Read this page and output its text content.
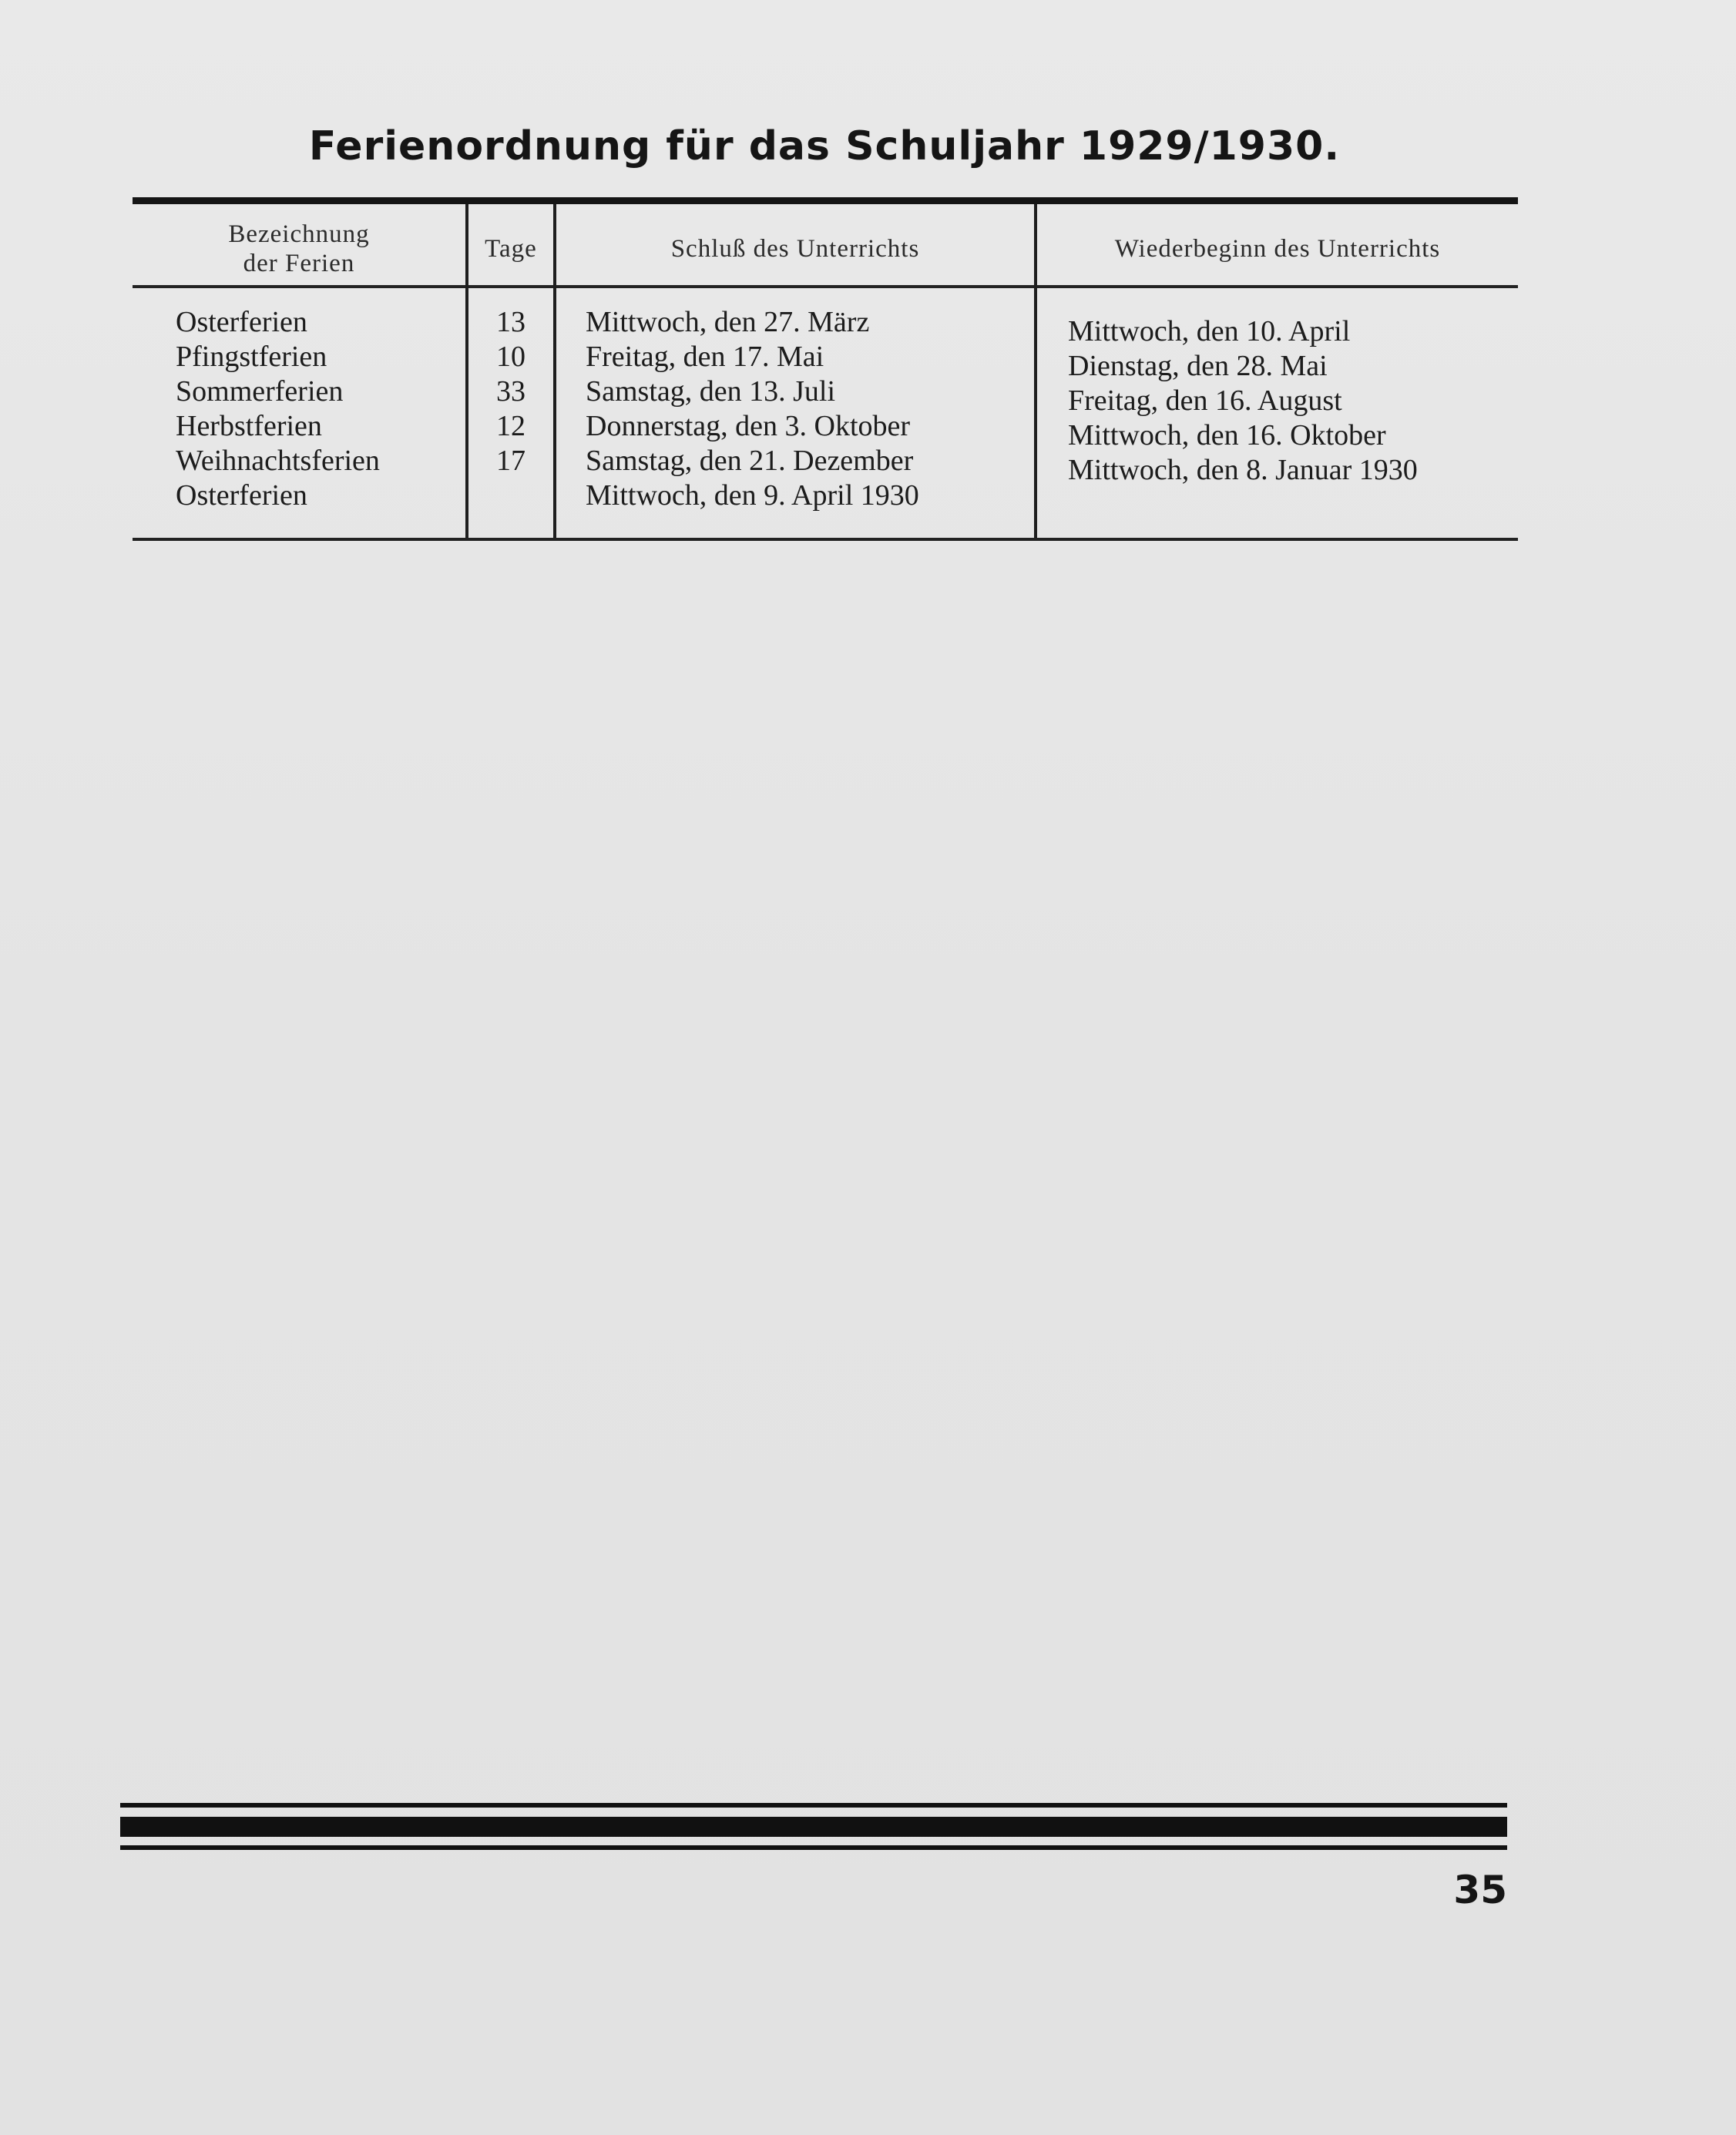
Ferienordnung für das Schuljahr 1929/1930.
Bezeichnung
der Ferien
Tage	Schluß des Unterrichts	Wiederbeginn des Unterrichts
Osterferien
Pfingstferien
Sommerferien
Herbstferien
Weihnachtsferien
Osterferien
13
10
33
12
17
Mittwoch, den 27. März
Freitag, den 17. Mai
Samstag, den 13. Juli
Donnerstag, den 3. Oktober
Samstag, den 21. Dezember
Mittwoch, den 9. April 1930
Mittwoch, den 10. April
Dienstag, den 28. Mai
Freitag, den 16. August
Mittwoch, den 16. Oktober
Mittwoch, den 8. Januar 1930
35
